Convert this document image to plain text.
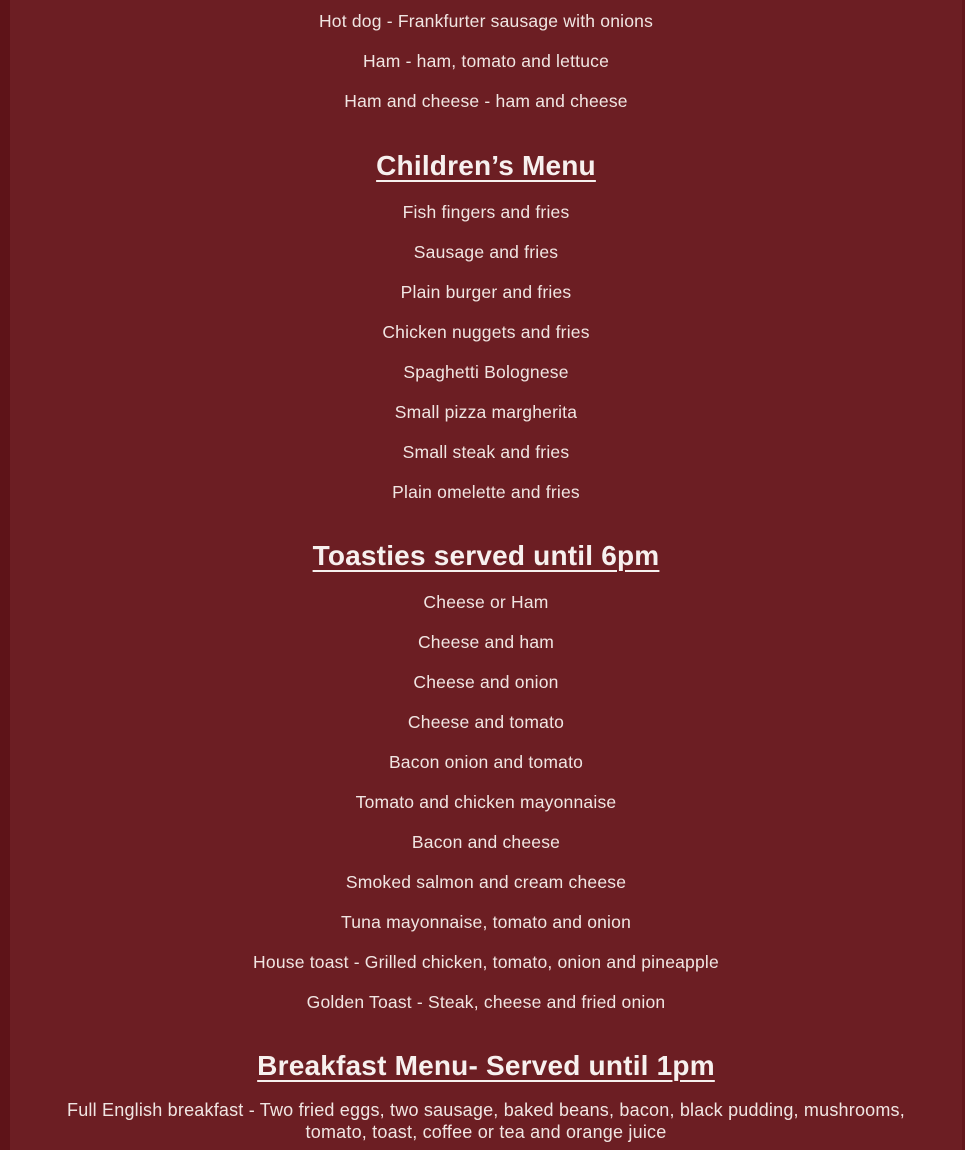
Hot dog - Frankfurter sausage with onions
Ham - ham, tomato and lettuce
Ham and cheese - ham and cheese
Children’s Menu
Fish fingers and fries
Sausage and fries
Plain burger and fries
Chicken nuggets and fries
Spaghetti Bolognese
Small pizza margherita
Small steak and fries
Plain omelette and fries
Toasties served until 6pm
Cheese or Ham
Cheese and ham
Cheese and onion
Cheese and tomato
Bacon onion and tomato
Tomato and chicken mayonnaise
Bacon and cheese
Smoked salmon and cream cheese
Tuna mayonnaise, tomato and onion
House toast - Grilled chicken, tomato, onion and pineapple
Golden Toast - Steak, cheese and fried onion
Breakfast Menu- Served until 1pm
Full English breakfast - Two fried eggs, two sausage, baked beans, bacon, black pudding, mushrooms, tomato, toast, coffee or tea and orange juice
